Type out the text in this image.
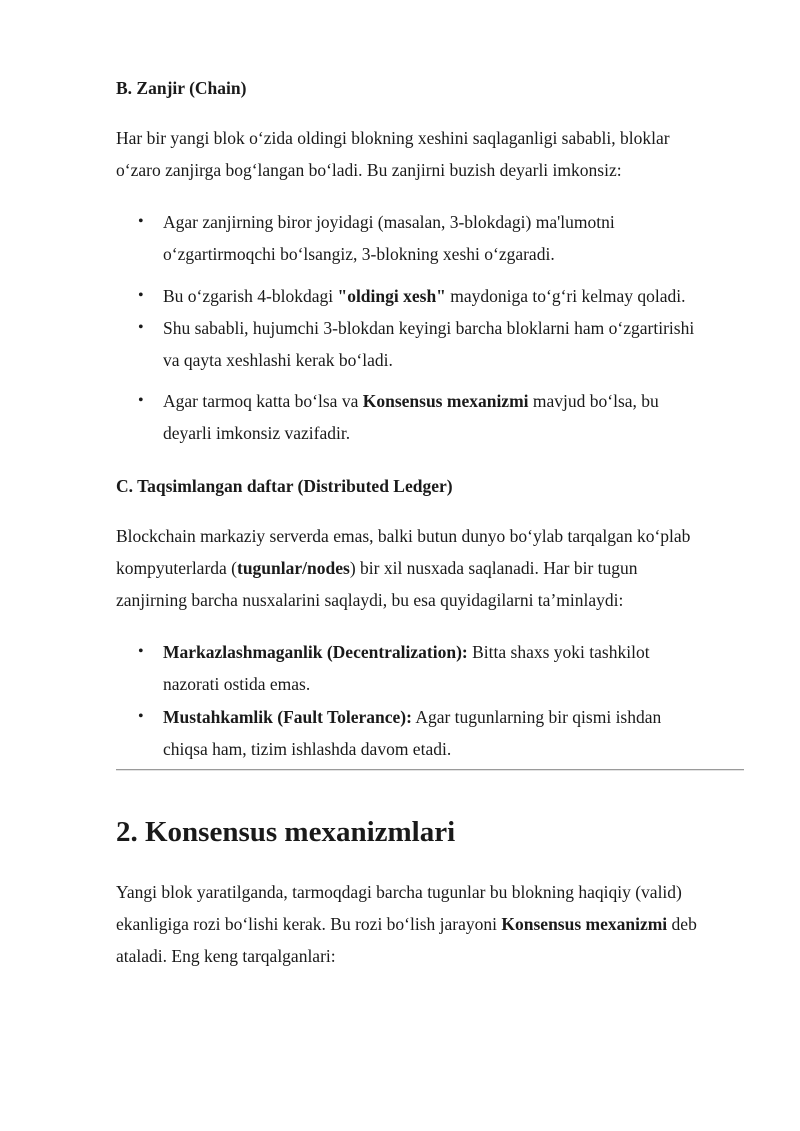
B. Zanjir (Chain)

Har bir yangi blok o‘zida oldingi blokning xeshini saqlaganligi sababli, bloklar
o‘zaro zanjirga bog‘langan bo‘ladi. Bu zanjirni buzish deyarli imkonsiz:

• Agar zanjirning biror joyidagi (masalan, 3-blokdagi) ma'lumotni
o‘zgartirmoqchi bo‘lsangiz, 3-blokning xeshi o‘zgaradi.
• Bu o‘zgarish 4-blokdagi "oldingi xesh" maydoniga to‘g‘ri kelmay qoladi.
• Shu sababli, hujumchi 3-blokdan keyingi barcha bloklarni ham o‘zgartirishi
va qayta xeshlashi kerak bo‘ladi.
• Agar tarmoq katta bo‘lsa va Konsensus mexanizmi mavjud bo‘lsa, bu
deyarli imkonsiz vazifadir.
C. Taqsimlangan daftar (Distributed Ledger)

Blockchain markaziy serverda emas, balki butun dunyo bo‘ylab tarqalgan ko‘plab
kompyuterlarda (tugunlar/nodes) bir xil nusxada saqlanadi. Har bir tugun
zanjirning barcha nusxalarini saqlaydi, bu esa quyidagilarni ta’minlaydi:

• Markazlashmaganlik (Decentralization): Bitta shaxs yoki tashkilot
nazorati ostida emas.
• Mustahkamlik (Fault Tolerance): Agar tugunlarning bir qismi ishdan
chiqsa ham, tizim ishlashda davom etadi.
2. Konsensus mexanizmlari

Yangi blok yaratilganda, tarmoqdagi barcha tugunlar bu blokning haqiqiy (valid)
ekanligiga rozi bo‘lishi kerak. Bu rozi bo‘lish jarayoni Konsensus mexanizmi deb
ataladi. Eng keng tarqalganlari:
